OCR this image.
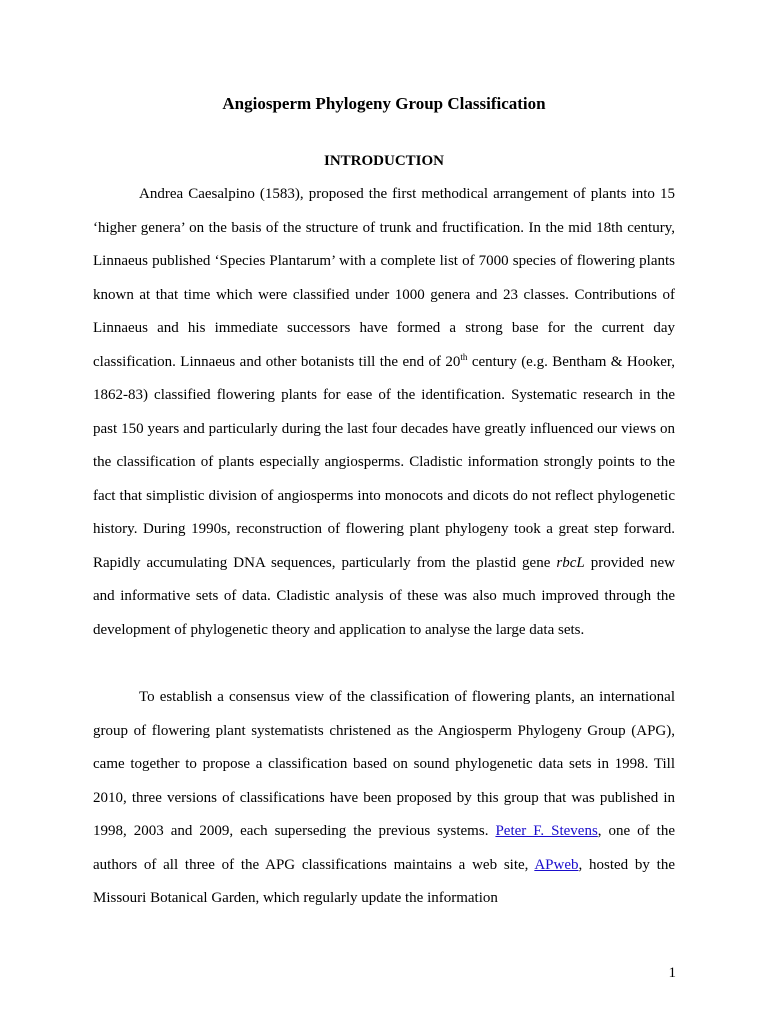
Angiosperm Phylogeny Group Classification
INTRODUCTION

Andrea Caesalpino (1583), proposed the first methodical arrangement of plants into 15 ‘higher genera’ on the basis of the structure of trunk and fructification. In the mid 18th century, Linnaeus published ‘Species Plantarum’ with a complete list of 7000 species of flowering plants known at that time which were classified under 1000 genera and 23 classes. Contributions of Linnaeus and his immediate successors have formed a strong base for the current day classification. Linnaeus and other botanists till the end of 20th century (e.g. Bentham & Hooker, 1862-83) classified flowering plants for ease of the identification. Systematic research in the past 150 years and particularly during the last four decades have greatly influenced our views on the classification of plants especially angiosperms. Cladistic information strongly points to the fact that simplistic division of angiosperms into monocots and dicots do not reflect phylogenetic history. During 1990s, reconstruction of flowering plant phylogeny took a great step forward. Rapidly accumulating DNA sequences, particularly from the plastid gene rbcL provided new and informative sets of data. Cladistic analysis of these was also much improved through the development of phylogenetic theory and application to analyse the large data sets.

To establish a consensus view of the classification of flowering plants, an international group of flowering plant systematists christened as the Angiosperm Phylogeny Group (APG), came together to propose a classification based on sound phylogenetic data sets in 1998. Till 2010, three versions of classifications have been proposed by this group that was published in 1998, 2003 and 2009, each superseding the previous systems. Peter F. Stevens, one of the authors of all three of the APG classifications maintains a web site, APweb, hosted by the Missouri Botanical Garden, which regularly update the information

1
